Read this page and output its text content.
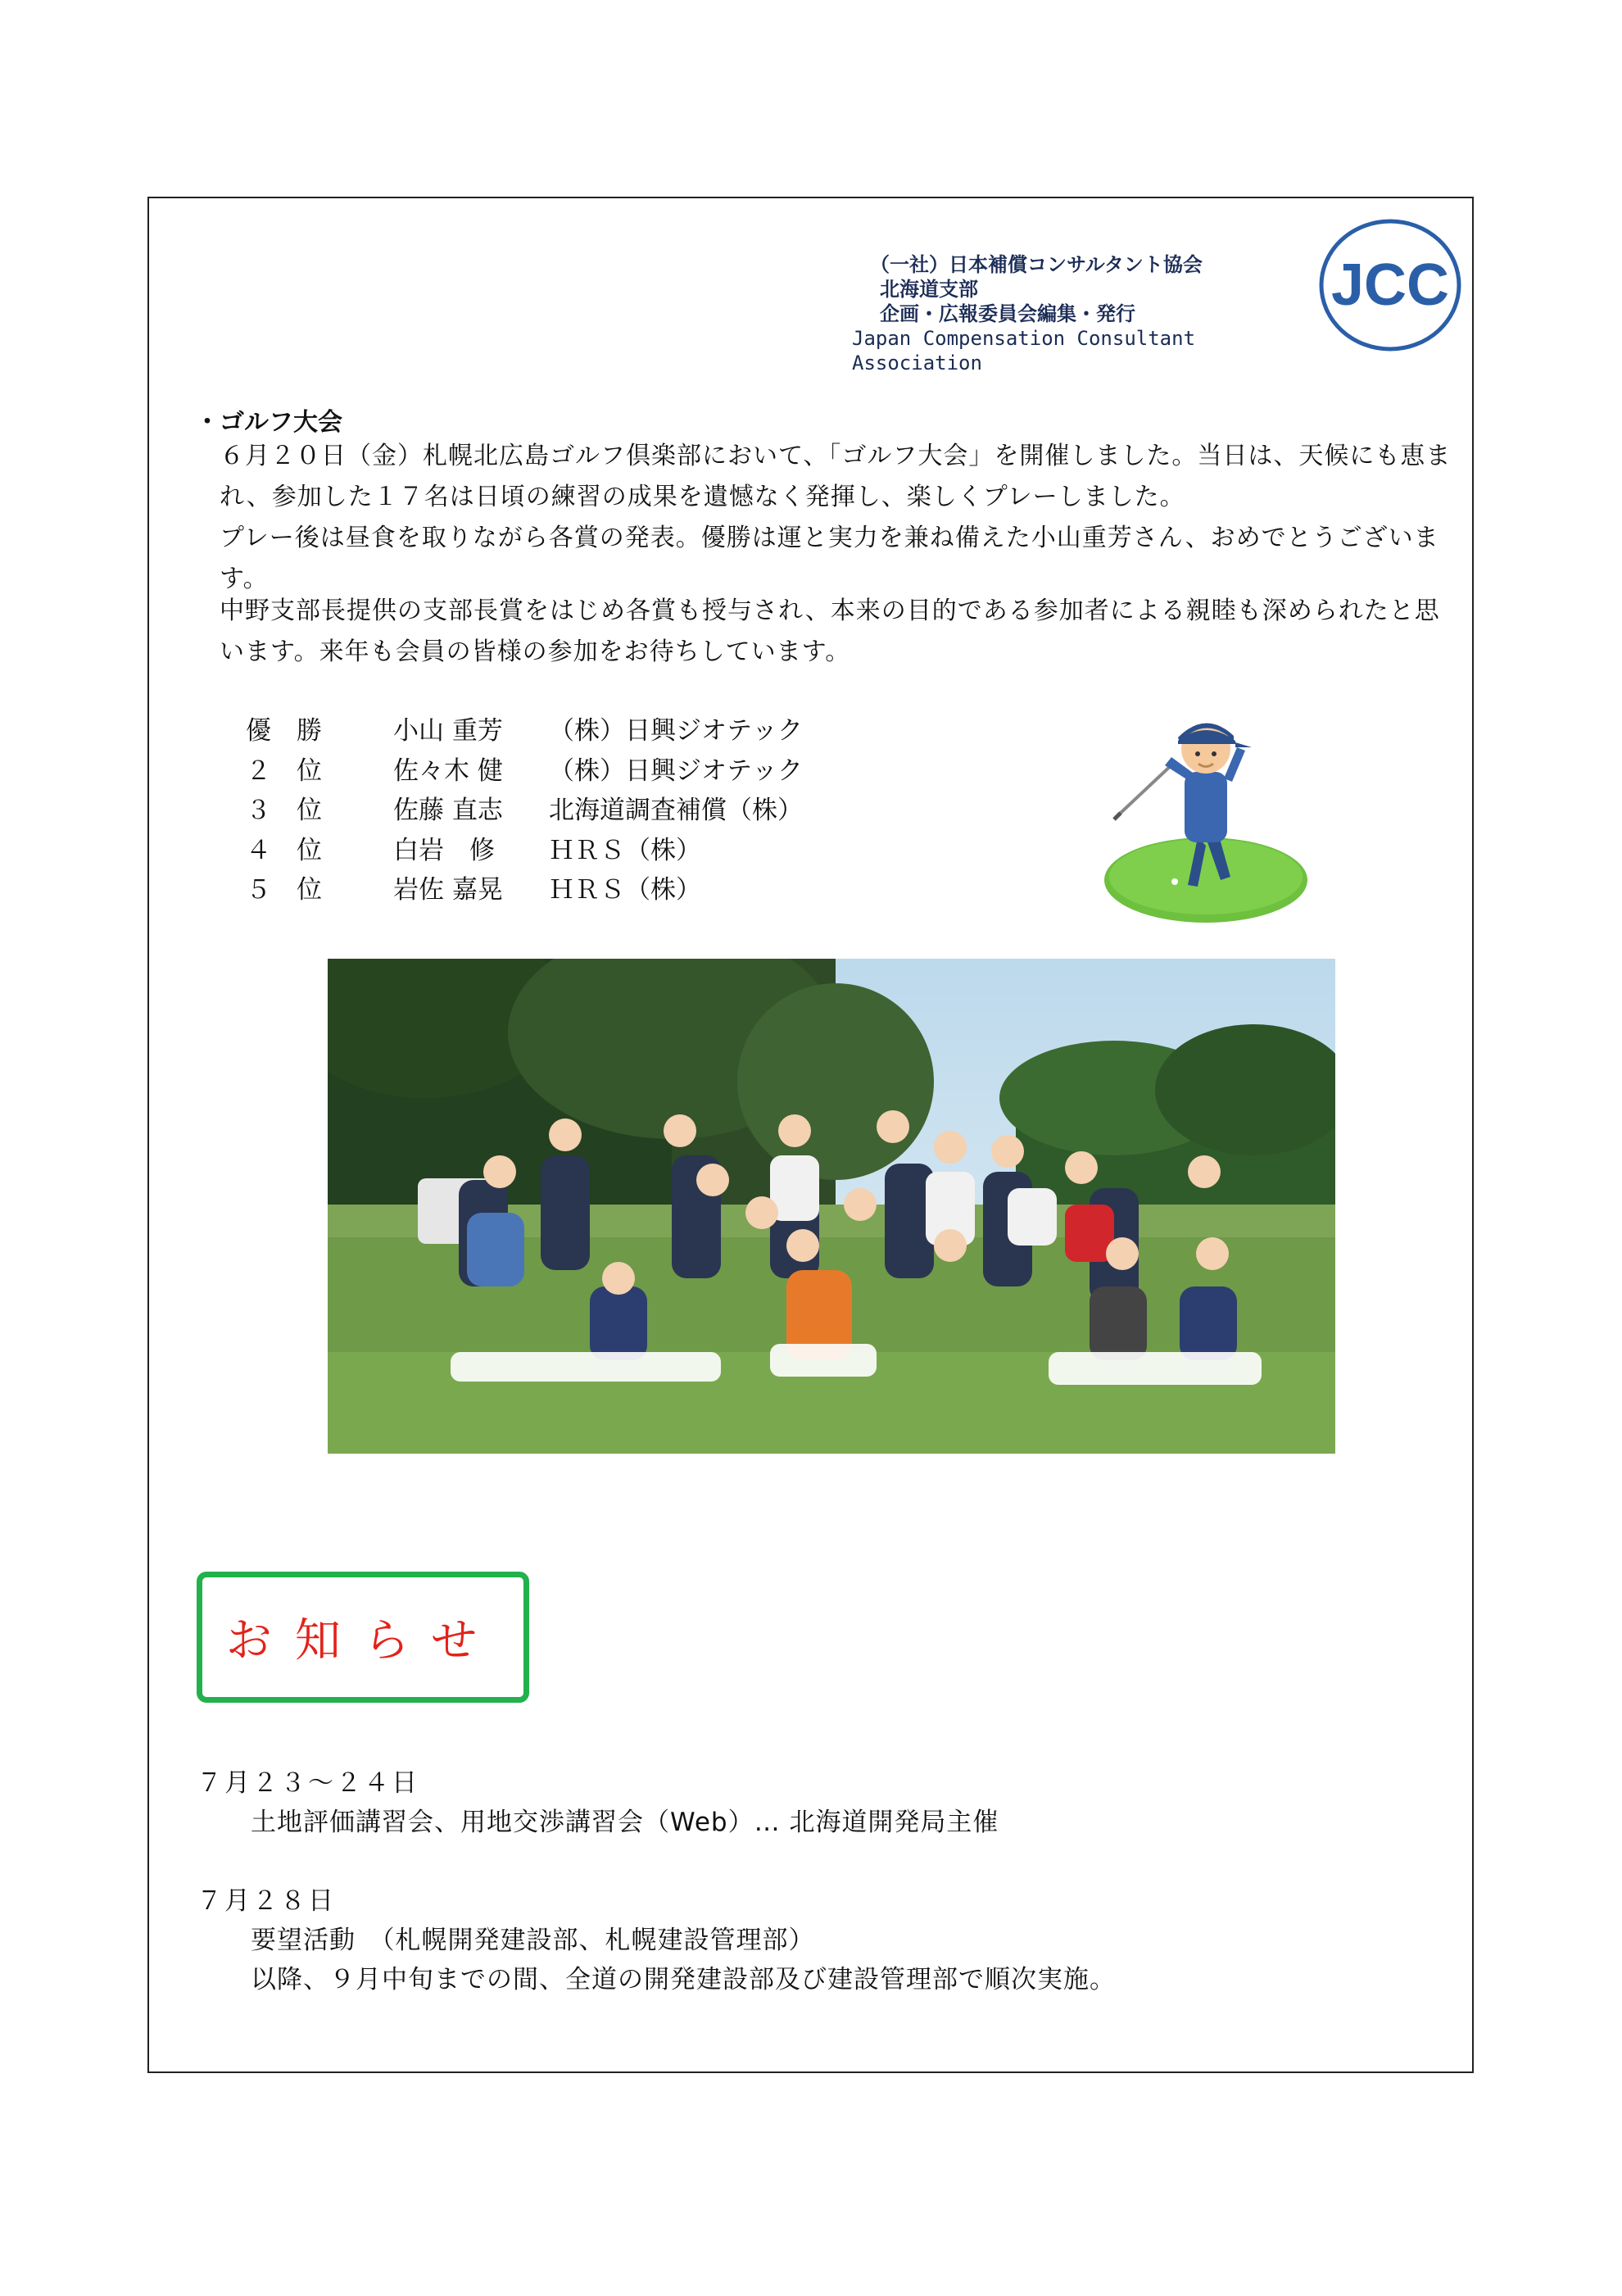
（一社）日本補償コンサルタント協会
北海道支部
企画・広報委員会編集・発行
Japan Compensation Consultant Association
JCC
・ゴルフ大会
６月２０日（金）札幌北広島ゴルフ倶楽部において、「ゴルフ大会」を開催しました。当日は、天候にも恵まれ、参加した１７名は日頃の練習の成果を遺憾なく発揮し、楽しくプレーしました。
プレー後は昼食を取りながら各賞の発表。優勝は運と実力を兼ね備えた小山重芳さん、おめでとうございます。
中野支部長提供の支部長賞をはじめ各賞も授与され、本来の目的である参加者による親睦も深められたと思います。来年も会員の皆様の参加をお待ちしています。
優　勝	小山 重芳	（株）日興ジオテック
２　位	佐々木 健	（株）日興ジオテック
３　位	佐藤 直志	北海道調査補償（株）
４　位	白岩　修	ＨＲＳ（株）
５　位	岩佐 嘉晃	ＨＲＳ（株）
お知らせ
７月２３〜２４日
土地評価講習会、用地交渉講習会（Web）… 北海道開発局主催
７月２８日
要望活動　（札幌開発建設部、札幌建設管理部）
以降、９月中旬までの間、全道の開発建設部及び建設管理部で順次実施。
